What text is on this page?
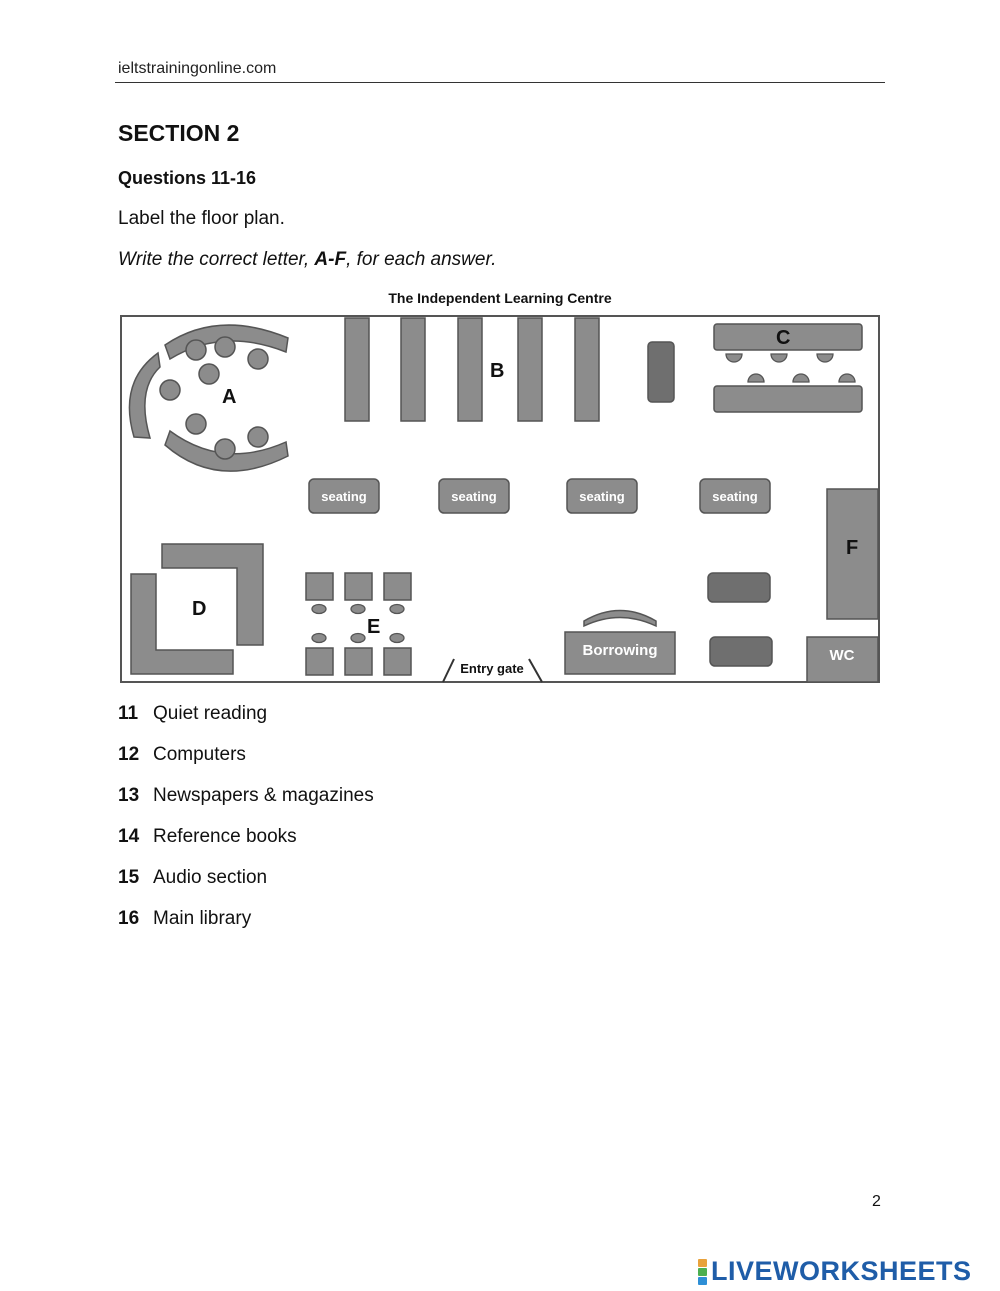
ieltstrainingonline.com
SECTION 2
Questions 11-16
Label the floor plan.
Write the correct letter, A-F, for each answer.
The Independent Learning Centre
A
B
C
seating	seating	seating	seating
F
D
E
Entry gate
Borrowing	WC
11 Quiet reading
12 Computers
13 Newspapers & magazines
14 Reference books
15 Audio section
16 Main library
2
LIVEWORKSHEETS
